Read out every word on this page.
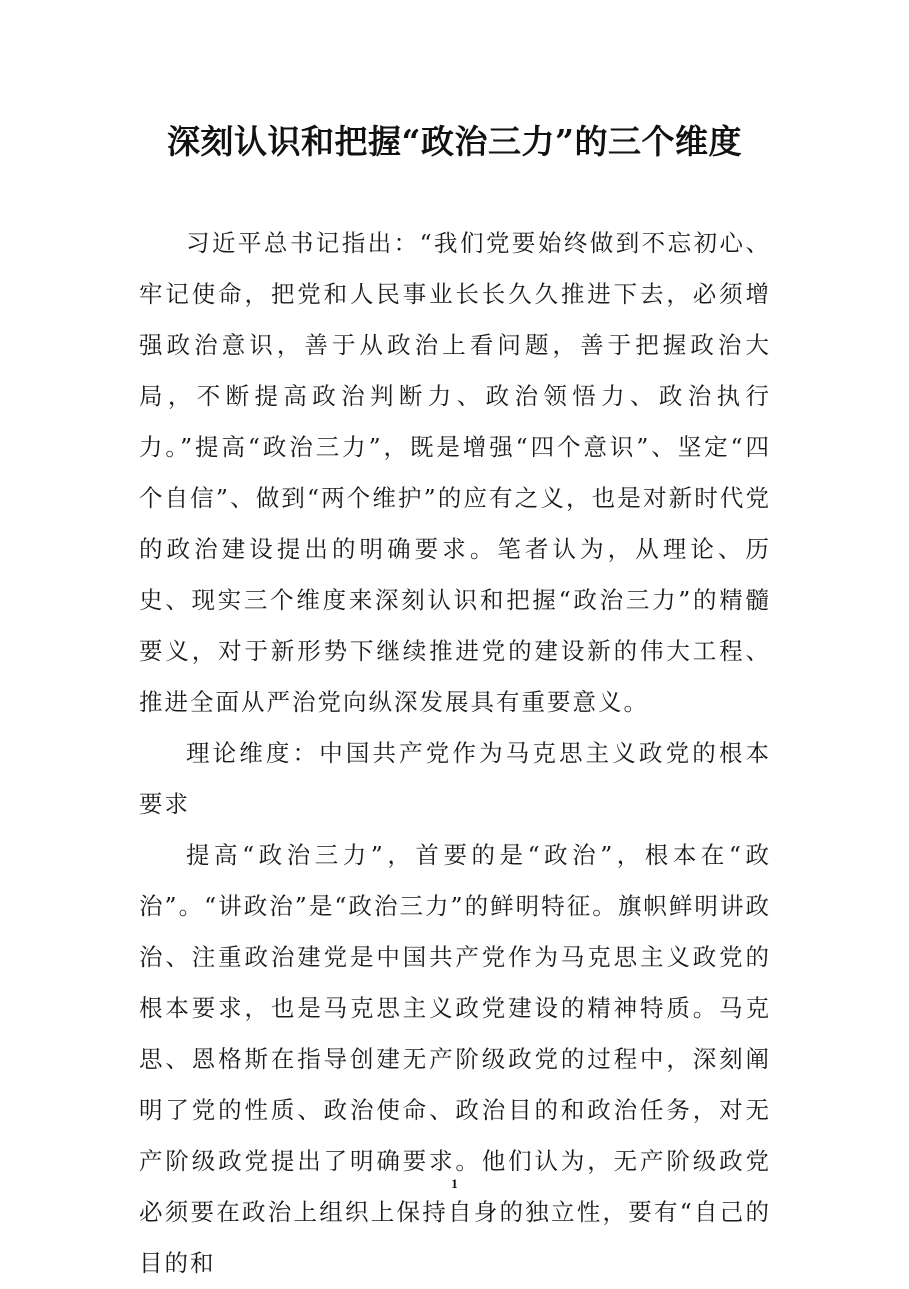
深刻认识和把握“政治三力”的三个维度

习近平总书记指出：“我们党要始终做到不忘初心、牢记使命，把党和人民事业长长久久推进下去，必须增强政治意识，善于从政治上看问题，善于把握政治大局，不断提高政治判断力、政治领悟力、政治执行力。”提高“政治三力”，既是增强“四个意识”、坚定“四个自信”、做到“两个维护”的应有之义，也是对新时代党的政治建设提出的明确要求。笔者认为，从理论、历史、现实三个维度来深刻认识和把握“政治三力”的精髓要义，对于新形势下继续推进党的建设新的伟大工程、推进全面从严治党向纵深发展具有重要意义。

理论维度：中国共产党作为马克思主义政党的根本要求

提高“政治三力”，首要的是“政治”，根本在“政治”。“讲政治”是“政治三力”的鲜明特征。旗帜鲜明讲政治、注重政治建党是中国共产党作为马克思主义政党的根本要求，也是马克思主义政党建设的精神特质。马克思、恩格斯在指导创建无产阶级政党的过程中，深刻阐明了党的性质、政治使命、政治目的和政治任务，对无产阶级政党提出了明确要求。他们认为，无产阶级政党必须要在政治上组织上保持自身的独立性，要有“自己的目的和

1
